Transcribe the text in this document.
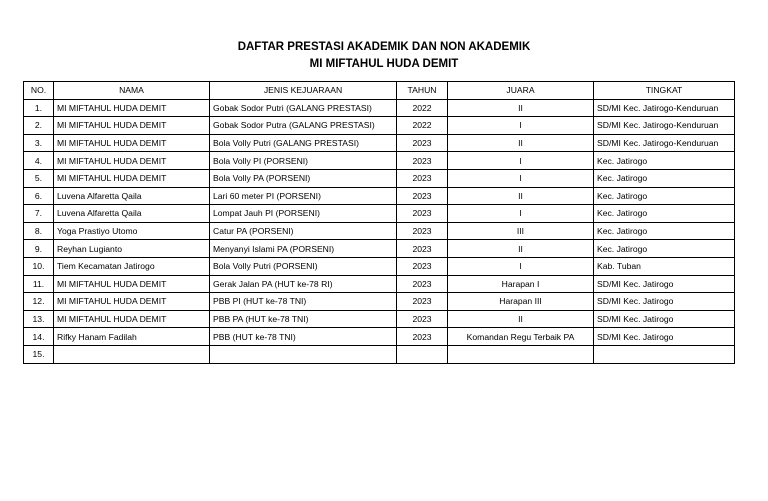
DAFTAR PRESTASI AKADEMIK DAN NON AKADEMIK
MI MIFTAHUL HUDA DEMIT
NO.	NAMA	JENIS KEJUARAAN	TAHUN	JUARA	TINGKAT
1.	MI MIFTAHUL HUDA DEMIT	Gobak Sodor Putri (GALANG PRESTASI)	2022	II	SD/MI Kec. Jatirogo-Kenduruan
2.	MI MIFTAHUL HUDA DEMIT	Gobak Sodor Putra (GALANG PRESTASI)	2022	I	SD/MI Kec. Jatirogo-Kenduruan
3.	MI MIFTAHUL HUDA DEMIT	Bola Volly Putri (GALANG PRESTASI)	2023	II	SD/MI Kec. Jatirogo-Kenduruan
4.	MI MIFTAHUL HUDA DEMIT	Bola Volly PI (PORSENI)	2023	I	Kec. Jatirogo
5.	MI MIFTAHUL HUDA DEMIT	Bola Volly PA (PORSENI)	2023	I	Kec. Jatirogo
6.	Luvena Alfaretta Qaila	Lari 60 meter PI (PORSENI)	2023	II	Kec. Jatirogo
7.	Luvena Alfaretta Qaila	Lompat Jauh PI (PORSENI)	2023	I	Kec. Jatirogo
8.	Yoga Prastiyo Utomo	Catur PA (PORSENI)	2023	III	Kec. Jatirogo
9.	Reyhan Lugianto	Menyanyi Islami PA (PORSENI)	2023	II	Kec. Jatirogo
10.	Tiem Kecamatan Jatirogo	Bola Volly Putri (PORSENI)	2023	I	Kab. Tuban
11.	MI MIFTAHUL HUDA DEMIT	Gerak Jalan PA (HUT ke-78 RI)	2023	Harapan I	SD/MI Kec. Jatirogo
12.	MI MIFTAHUL HUDA DEMIT	PBB PI (HUT ke-78 TNI)	2023	Harapan III	SD/MI Kec. Jatirogo
13.	MI MIFTAHUL HUDA DEMIT	PBB PA (HUT ke-78 TNI)	2023	II	SD/MI Kec. Jatirogo
14.	Rifky Hanam Fadilah	PBB (HUT ke-78 TNI)	2023	Komandan Regu Terbaik PA	SD/MI Kec. Jatirogo
15.					
